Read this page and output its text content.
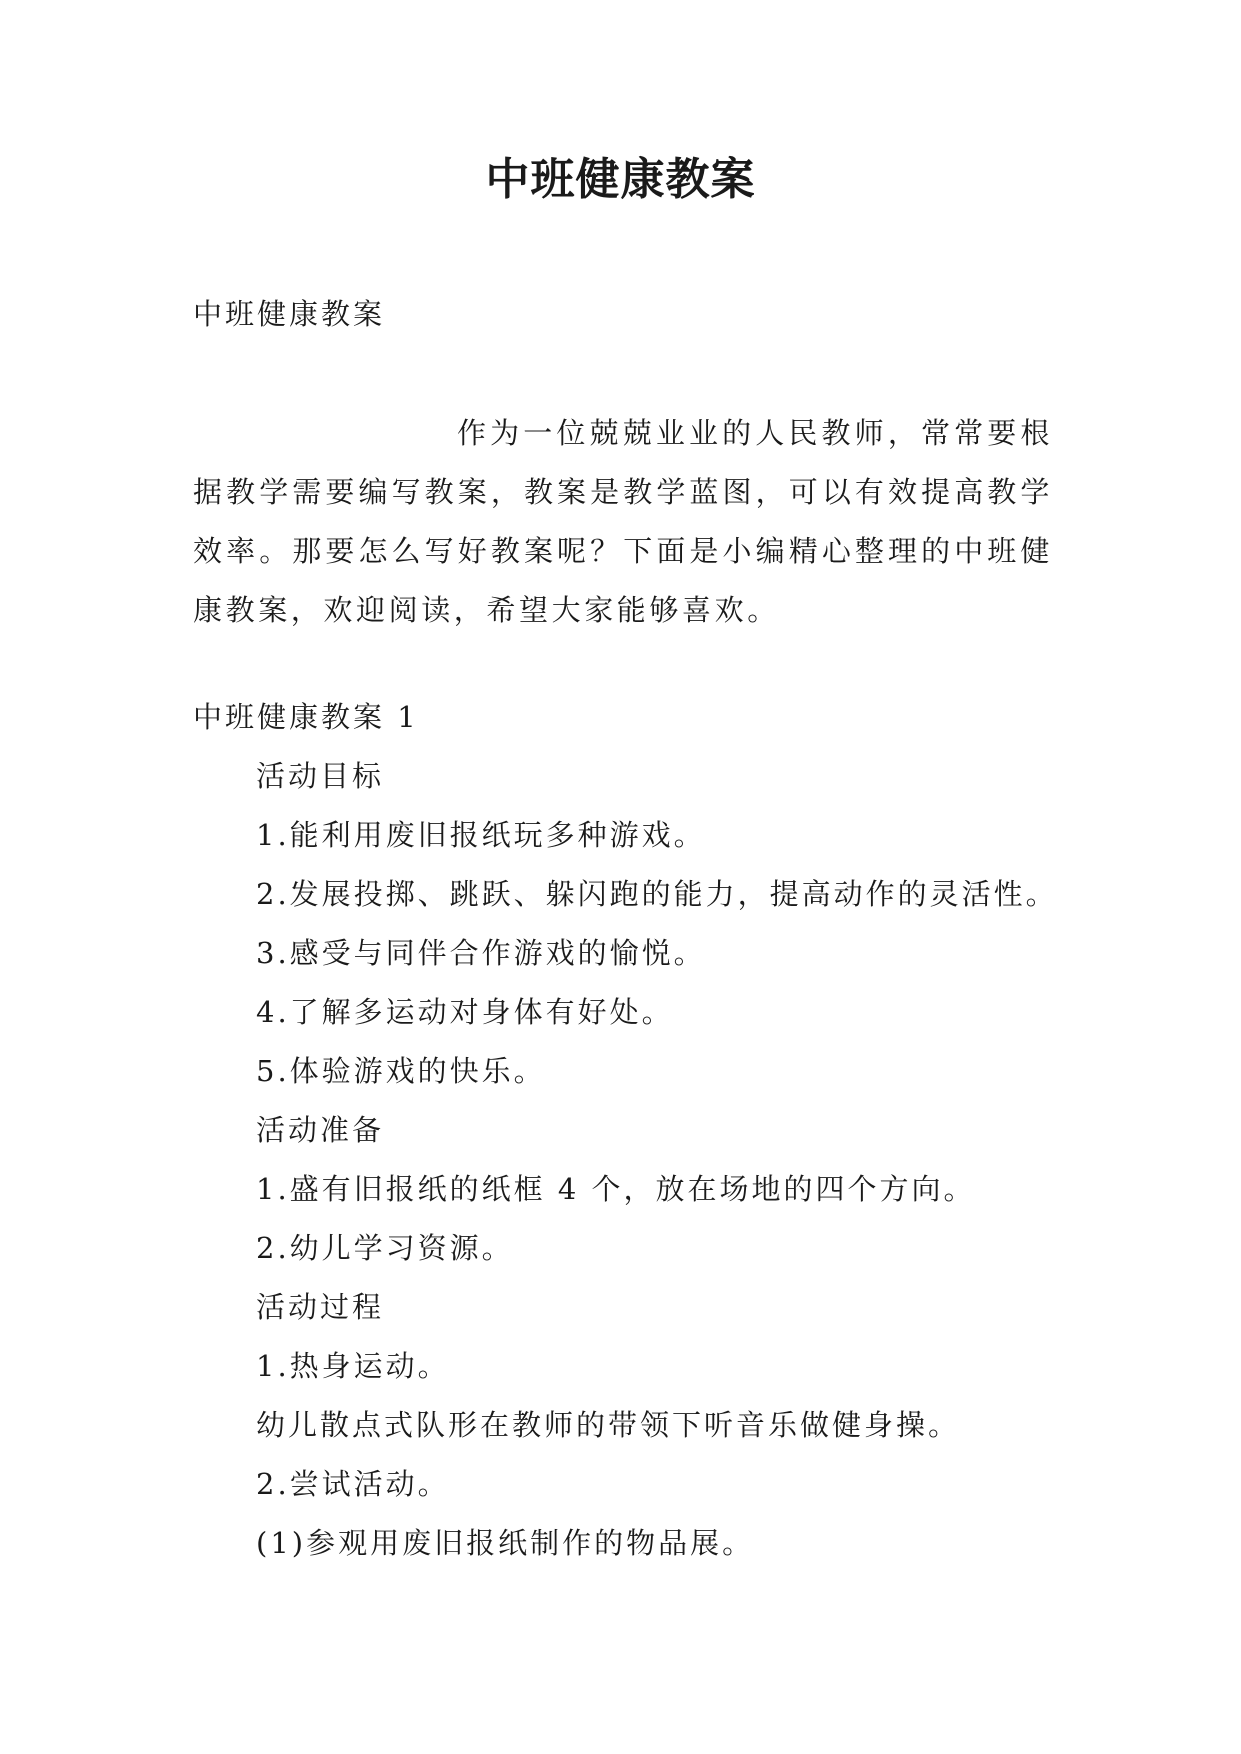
中班健康教案
中班健康教案

作为一位兢兢业业的人民教师，常常要根据教学需要编写教案，教案是教学蓝图，可以有效提高教学效率。那要怎么写好教案呢？下面是小编精心整理的中班健康教案，欢迎阅读，希望大家能够喜欢。

中班健康教案 1
活动目标
1.能利用废旧报纸玩多种游戏。
2.发展投掷、跳跃、躲闪跑的能力，提高动作的灵活性。
3.感受与同伴合作游戏的愉悦。
4.了解多运动对身体有好处。
5.体验游戏的快乐。
活动准备
1.盛有旧报纸的纸框 4 个，放在场地的四个方向。
2.幼儿学习资源。
活动过程
1.热身运动。
幼儿散点式队形在教师的带领下听音乐做健身操。
2.尝试活动。
(1)参观用废旧报纸制作的物品展。
